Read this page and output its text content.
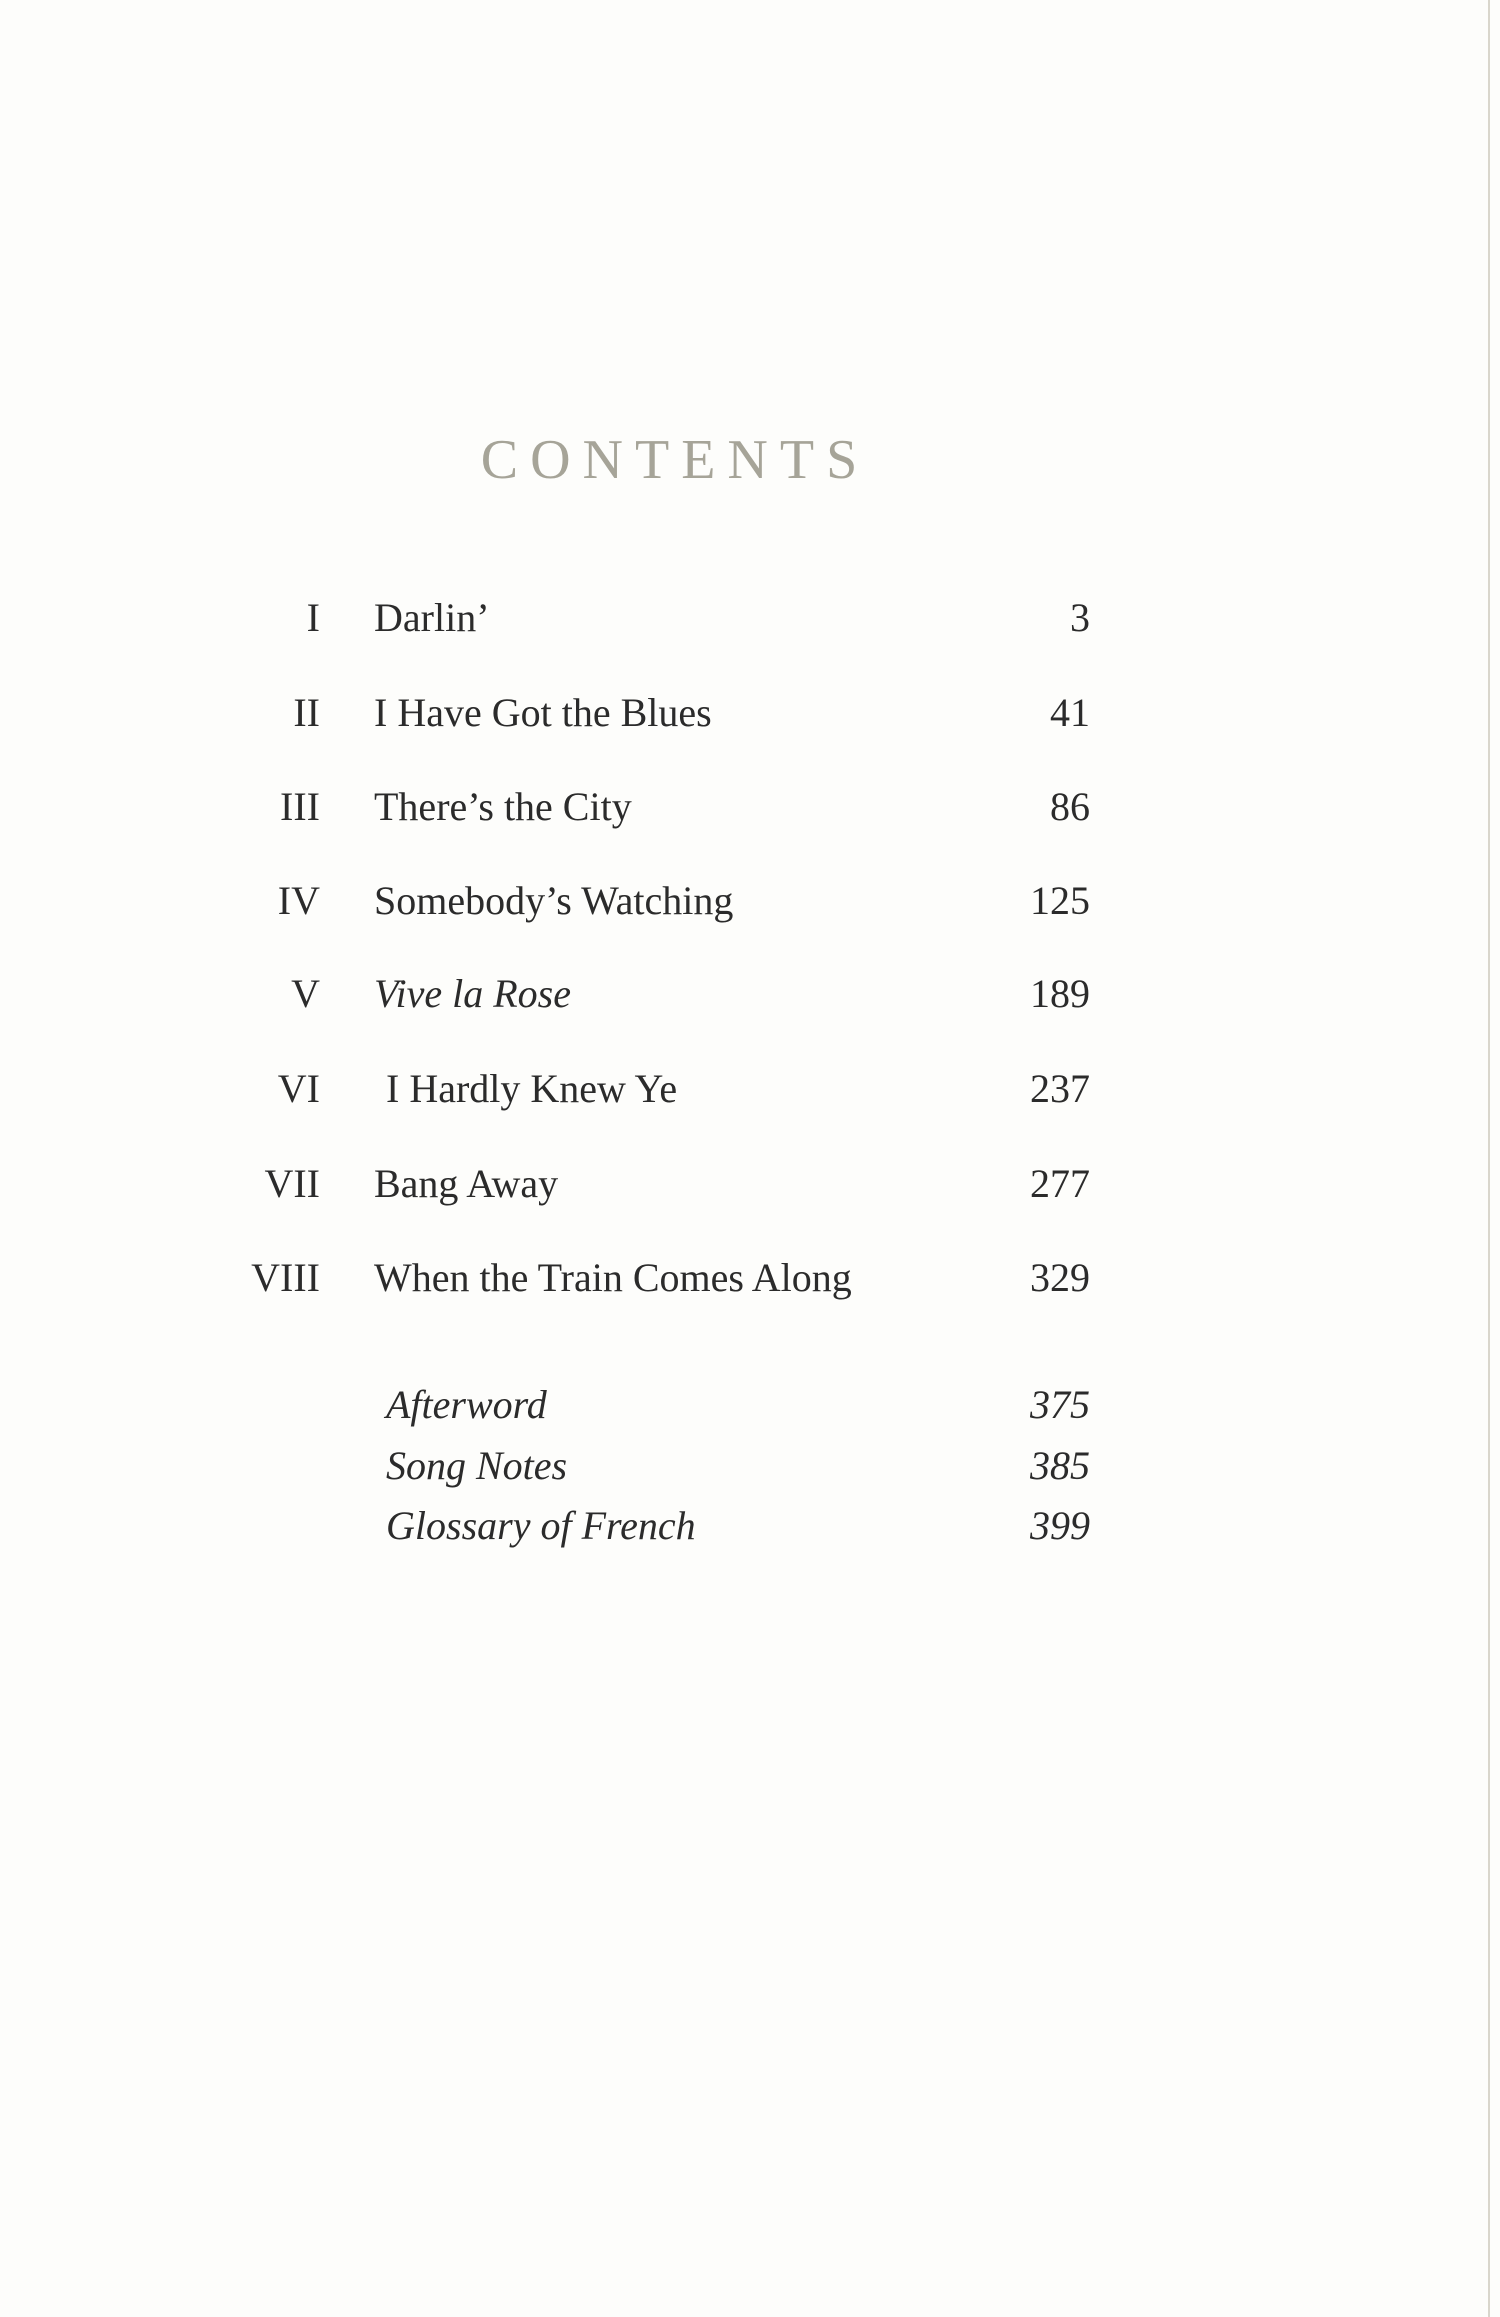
CONTENTS
I Darlin’	3
II I Have Got the Blues	41
III There’s the City	86
IV Somebody’s Watching	125
V Vive la Rose	189
VI I Hardly Knew Ye	237
VII Bang Away	277
VIII When the Train Comes Along	329
Afterword	375
Song Notes	385
Glossary of French	399
